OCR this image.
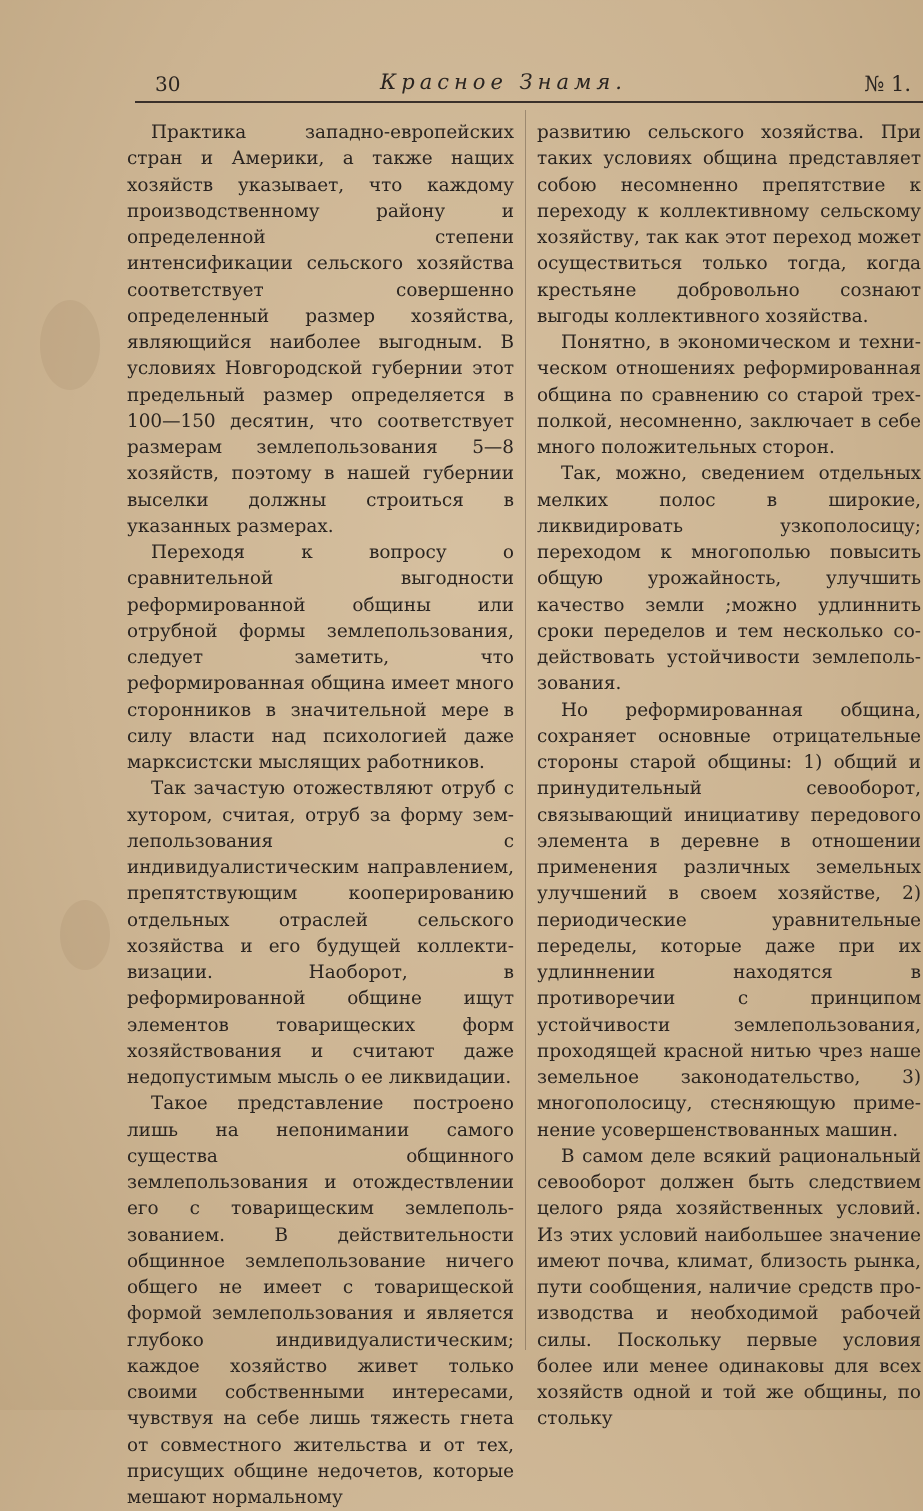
30	Красное Знамя.	№ 1.

Практика западно-европейских стран и Америки, а также нащих хозяйств указывает, что каждому производственному району и определенной степени интенсификации сельского хозяйства соответствует совершенно определенный размер хозяйства, являющийся наиболее выгодным. В условиях Новгородской губернии этот предельный размер определяется в 100—150 десятин, что соответствует размерам землепользования 5—8 хозяйств, поэтому в нашей губернии выселки должны строиться в указанных размерах.

Переходя к вопросу о сравнительной выгодности реформированной общины или отрубной формы землепользования, следует заметить, что реформированная община имеет много сторонников в значительной мере в силу власти над психологией даже марксистски мыслящих работников.

Так зачастую отожествляют отруб с хутором, считая, отруб за форму землепользования с индивидуалистическим направлением, препятствующим кооперированию отдельных отраслей сельского хозяйства и его будущей коллективизации. Наоборот, в реформированной общине ищут элементов товарищеских форм хозяйствования и считают даже недопустимым мысль о ее ликвидации.

Такое представление построено лишь на непонимании самого существа общинного землепользования и отождествлении его с товарищеским землепользованием. В действительности общинное землепользование ничего общего не имеет с товарищеской формой землепользования и является глубоко индивидуалистическим; каждое хозяйство живет только своими собственными интересами, чувствуя на себе лишь тяжесть гнета от совместного жительства и от тех, присущих общине недочетов, которые мешают нормальному

развитию сельского хозяйства. При таких условиях община представляет собою несомненно препятствие к переходу к коллективному сельскому хозяйству, так как этот переход может осуществиться только тогда, когда крестьяне добровольно сознают выгоды коллективного хозяйства.

Понятно, в экономическом и техническом отношениях реформированная община по сравнению со старой трехполкой, несомненно, заключает в себе много положительных сторон.

Так, можно, сведением отдельных мелких полос в широкие, ликвидировать узкополосицу; переходом к многополью повысить общую урожайность, улучшить качество земли ;можно удлиннить сроки переделов и тем несколько содействовать устойчивости землепользования.

Но реформированная община, сохраняет основные отрицательные стороны старой общины: 1) общий и принудительный севооборот, связывающий инициативу передового элемента в деревне в отношении применения различных земельных улучшений в своем хозяйстве, 2) периодические уравнительные переделы, которые даже при их удлиннении находятся в противоречии с принципом устойчивости землепользования, проходящей красной нитью чрез наше земельное законодательство, 3) многополосицу, стесняющую применение усовершенствованных машин.

В самом деле всякий рациональный севооборот должен быть следствием целого ряда хозяйственных условий. Из этих условий наибольшее значение имеют почва, климат, близость рынка, пути сообщения, наличие средств производства и необходимой рабочей силы. Поскольку первые условия более или менее одинаковы для всех хозяйств одной и той же общины, по стольку
